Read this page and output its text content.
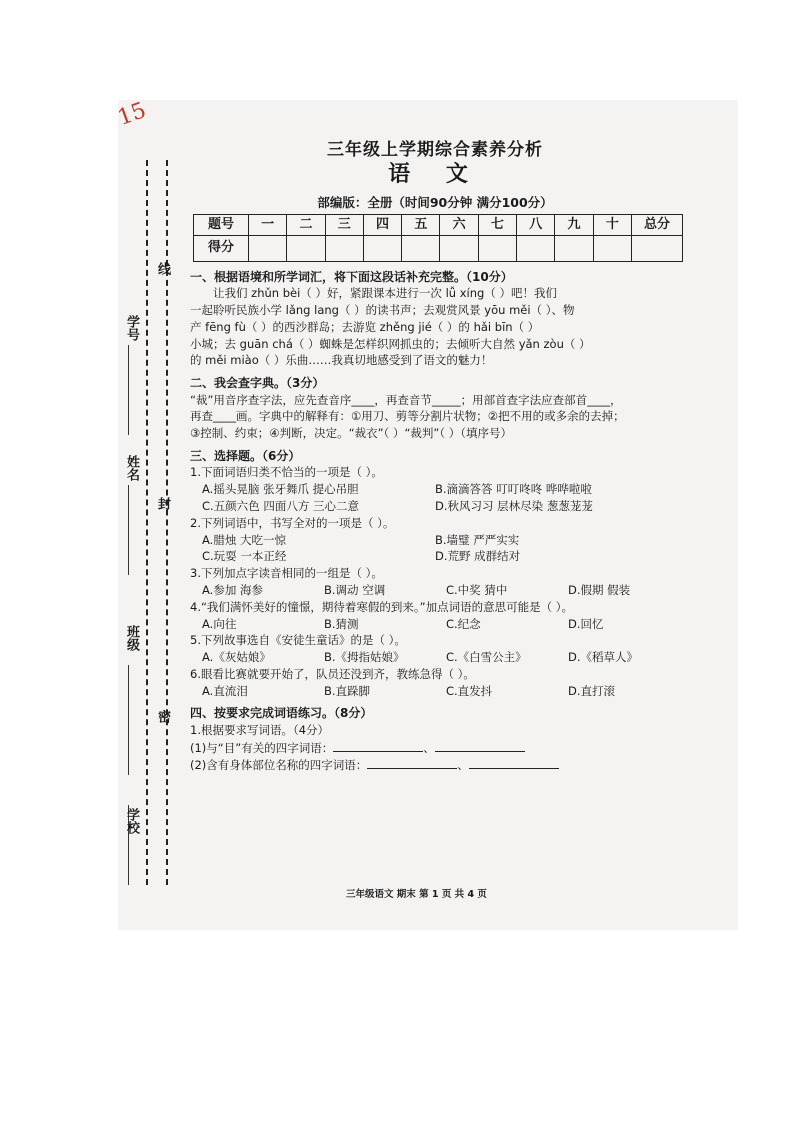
15
学号
姓名
班级
学校
线
封
密
三年级上学期综合素养分析
语 文
部编版：全册（时间90分钟 满分100分）
题号	一	二	三	四	五	六	七	八	九	十	总分
得分											
一、根据语境和所学词汇，将下面这段话补充完整。（10分）
让我们 zhǔn bèi（ ）好，紧跟课本进行一次 lǚ xíng（ ）吧！我们
一起聆听民族小学 lǎng lang（ ）的读书声；去观赏风景 yōu měi（ ）、物
产 fēng fù（ ）的西沙群岛；去游览 zhěng jié（ ）的 hǎi bīn（ ）
小城；去 guān chá（ ）蜘蛛是怎样织网抓虫的；去倾听大自然 yǎn zòu（ ）
的 měi miào（ ）乐曲……我真切地感受到了语文的魅力！
二、我会查字典。（3分）
“裁”用音序查字法，应先查音序____，再查音节_____；用部首查字法应查部首____，
再查____画。字典中的解释有：①用刀、剪等分割片状物；②把不用的或多余的去掉；
③控制、约束；④判断，决定。“裁衣”（ ）“裁判”（ ）（填序号）
三、选择题。（6分）
1.下面词语归类不恰当的一项是（ ）。
A.摇头晃脑 张牙舞爪 提心吊胆	B.滴滴答答 叮叮咚咚 哗哗啦啦
C.五颜六色 四面八方 三心二意	D.秋风习习 层林尽染 葱葱茏茏
2.下列词语中，书写全对的一项是（ ）。
A.腊烛 大吃一惊	B.墙璧 严严实实
C.玩耍 一本正经	D.荒野 成群结对
3.下列加点字读音相同的一组是（ ）。
A.参加 海参	B.调动 空调	C.中奖 猜中	D.假期 假装
4.“我们满怀美好的憧憬，期待着寒假的到来。”加点词语的意思可能是（ ）。
A.向往	B.猜测	C.纪念	D.回忆
5.下列故事选自《安徒生童话》的是（ ）。
A.《灰姑娘》	B.《拇指姑娘》	C.《白雪公主》	D.《稻草人》
6.眼看比赛就要开始了，队员还没到齐，教练急得（ ）。
A.直流泪	B.直跺脚	C.直发抖	D.直打滚
四、按要求完成词语练习。（8分）
1.根据要求写词语。（4分）
(1)与“目”有关的四字词语：	、
(2)含有身体部位名称的四字词语：	、
三年级语文 期末 第 1 页 共 4 页
